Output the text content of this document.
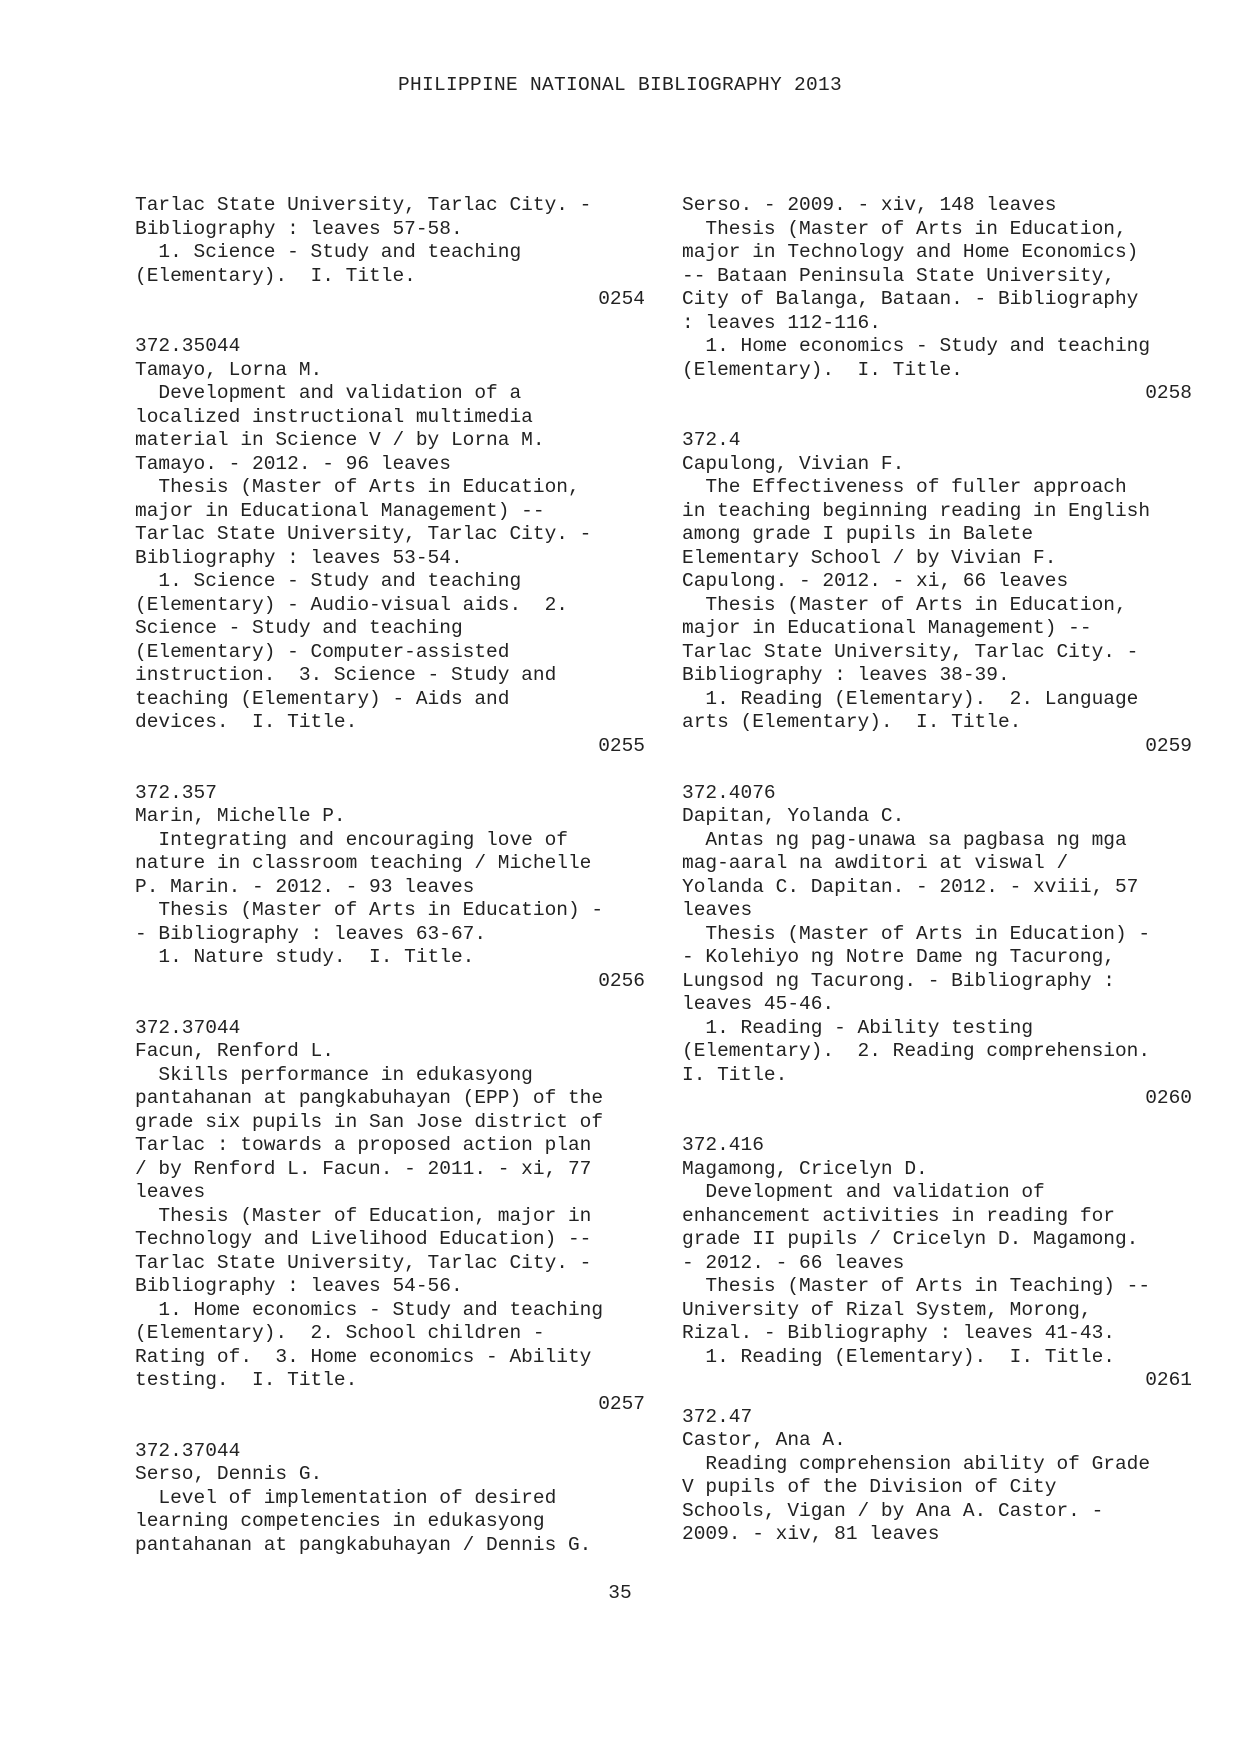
PHILIPPINE NATIONAL BIBLIOGRAPHY 2013
Tarlac State University, Tarlac City. -
Bibliography : leaves 57-58.
1. Science - Study and teaching
(Elementary).  I. Title.
0254
372.35044
Tamayo, Lorna M.
Development and validation of a
localized instructional multimedia
material in Science V / by Lorna M.
Tamayo. - 2012. - 96 leaves
Thesis (Master of Arts in Education,
major in Educational Management) --
Tarlac State University, Tarlac City. -
Bibliography : leaves 53-54.
1. Science - Study and teaching
(Elementary) - Audio-visual aids.  2.
Science - Study and teaching
(Elementary) - Computer-assisted
instruction.  3. Science - Study and
teaching (Elementary) - Aids and
devices.  I. Title.
0255
372.357
Marin, Michelle P.
Integrating and encouraging love of
nature in classroom teaching / Michelle
P. Marin. - 2012. - 93 leaves
Thesis (Master of Arts in Education) -
- Bibliography : leaves 63-67.
1. Nature study.  I. Title.
0256
372.37044
Facun, Renford L.
Skills performance in edukasyong
pantahanan at pangkabuhayan (EPP) of the
grade six pupils in San Jose district of
Tarlac : towards a proposed action plan
/ by Renford L. Facun. - 2011. - xi, 77
leaves
Thesis (Master of Education, major in
Technology and Livelihood Education) --
Tarlac State University, Tarlac City. -
Bibliography : leaves 54-56.
1. Home economics - Study and teaching
(Elementary).  2. School children -
Rating of.  3. Home economics - Ability
testing.  I. Title.
0257
372.37044
Serso, Dennis G.
Level of implementation of desired
learning competencies in edukasyong
pantahanan at pangkabuhayan / Dennis G.
Serso. - 2009. - xiv, 148 leaves
Thesis (Master of Arts in Education,
major in Technology and Home Economics)
-- Bataan Peninsula State University,
City of Balanga, Bataan. - Bibliography
: leaves 112-116.
1. Home economics - Study and teaching
(Elementary).  I. Title.
0258
372.4
Capulong, Vivian F.
The Effectiveness of fuller approach
in teaching beginning reading in English
among grade I pupils in Balete
Elementary School / by Vivian F.
Capulong. - 2012. - xi, 66 leaves
Thesis (Master of Arts in Education,
major in Educational Management) --
Tarlac State University, Tarlac City. -
Bibliography : leaves 38-39.
1. Reading (Elementary).  2. Language
arts (Elementary).  I. Title.
0259
372.4076
Dapitan, Yolanda C.
Antas ng pag-unawa sa pagbasa ng mga
mag-aaral na awditori at viswal /
Yolanda C. Dapitan. - 2012. - xviii, 57
leaves
Thesis (Master of Arts in Education) -
- Kolehiyo ng Notre Dame ng Tacurong,
Lungsod ng Tacurong. - Bibliography :
leaves 45-46.
1. Reading - Ability testing
(Elementary).  2. Reading comprehension.
I. Title.
0260
372.416
Magamong, Cricelyn D.
Development and validation of
enhancement activities in reading for
grade II pupils / Cricelyn D. Magamong.
- 2012. - 66 leaves
Thesis (Master of Arts in Teaching) --
University of Rizal System, Morong,
Rizal. - Bibliography : leaves 41-43.
1. Reading (Elementary).  I. Title.
0261
372.47
Castor, Ana A.
Reading comprehension ability of Grade
V pupils of the Division of City
Schools, Vigan / by Ana A. Castor. -
2009. - xiv, 81 leaves
35
